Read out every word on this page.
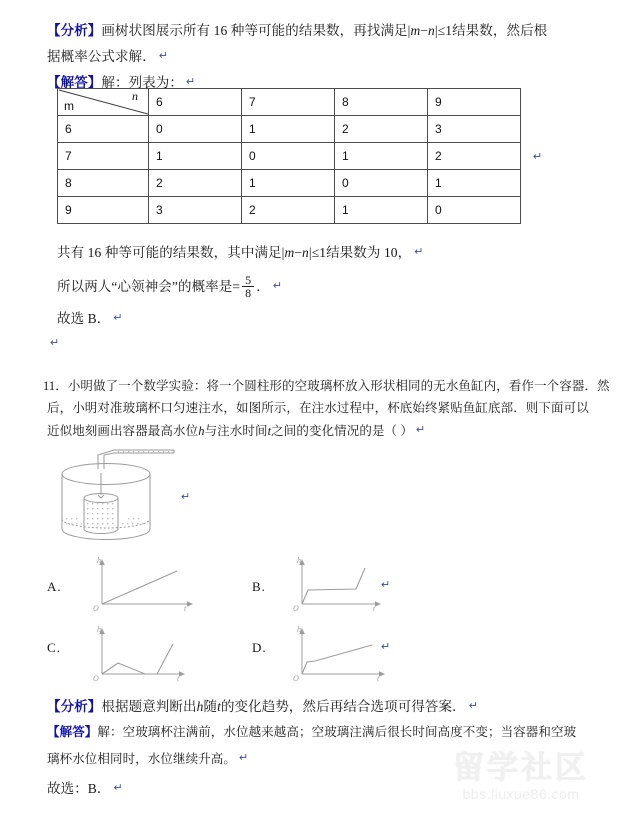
【分析】画树状图展示所有 16 种等可能的结果数，再找满足|m−n|≤1结果数，然后根
据概率公式求解． ↵
【解答】解：列表为： ↵
n
m	6	7	8	9
6	0	1	2	3
7	1	0	1	2
8	2	1	0	1
9	3	2	1	0
↵
共有 16 种等可能的结果数，其中满足|m−n|≤1结果数为 10， ↵
所以两人“心领神会”的概率是= $\frac{5}{8}$ ． ↵
故选 B． ↵
↵
11．小明做了一个数学实验：将一个圆柱形的空玻璃杯放入形状相同的无水鱼缸内，看作一个容器．然
后，小明对准玻璃杯口匀速注水，如图所示，在注水过程中，杯底始终紧贴鱼缸底部．则下面可以
近似地刻画出容器最高水位h与注水时间t之间的变化情况的是（ ） ↵
↵
A.
h
t
O
B.
h
t
O
↵
C.
h
t
O
D.
h
t
O
↵
【分析】根据题意判断出h随t的变化趋势，然后再结合选项可得答案． ↵
【解答】解：空玻璃杯注满前，水位越来越高；空玻璃注满后很长时间高度不变；当容器和空玻
璃杯水位相同时，水位继续升高。 ↵
故选：B． ↵
留学社区
bbs.liuxue86.com
